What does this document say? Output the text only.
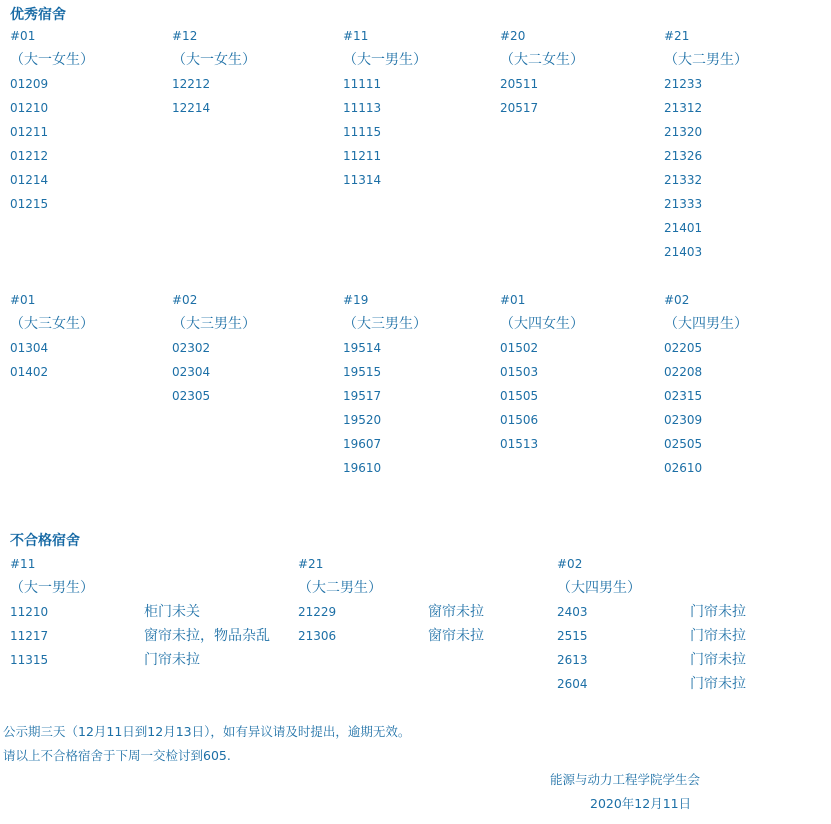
优秀宿舍
#01
（大一女生）
01209
01210
01211
01212
01214
01215
#12
（大一女生）
12212
12214
#11
（大一男生）
11111
11113
11115
11211
11314
#20
（大二女生）
20511
20517
#21
（大二男生）
21233
21312
21320
21326
21332
21333
21401
21403
#01
（大三女生）
01304
01402
#02
（大三男生）
02302
02304
02305
#19
（大三男生）
19514
19515
19517
19520
19607
19610
#01
（大四女生）
01502
01503
01505
01506
01513
#02
（大四男生）
02205
02208
02315
02309
02505
02610
不合格宿舍
#11
（大一男生）
11210	柜门未关
11217	窗帘未拉，物品杂乱
11315	门帘未拉
#21
（大二男生）
21229	窗帘未拉
21306	窗帘未拉
#02
（大四男生）
2403	门帘未拉
2515	门帘未拉
2613	门帘未拉
2604	门帘未拉
公示期三天（12月11日到12月13日），如有异议请及时提出，逾期无效。
请以上不合格宿舍于下周一交检讨到605.
能源与动力工程学院学生会
2020年12月11日
